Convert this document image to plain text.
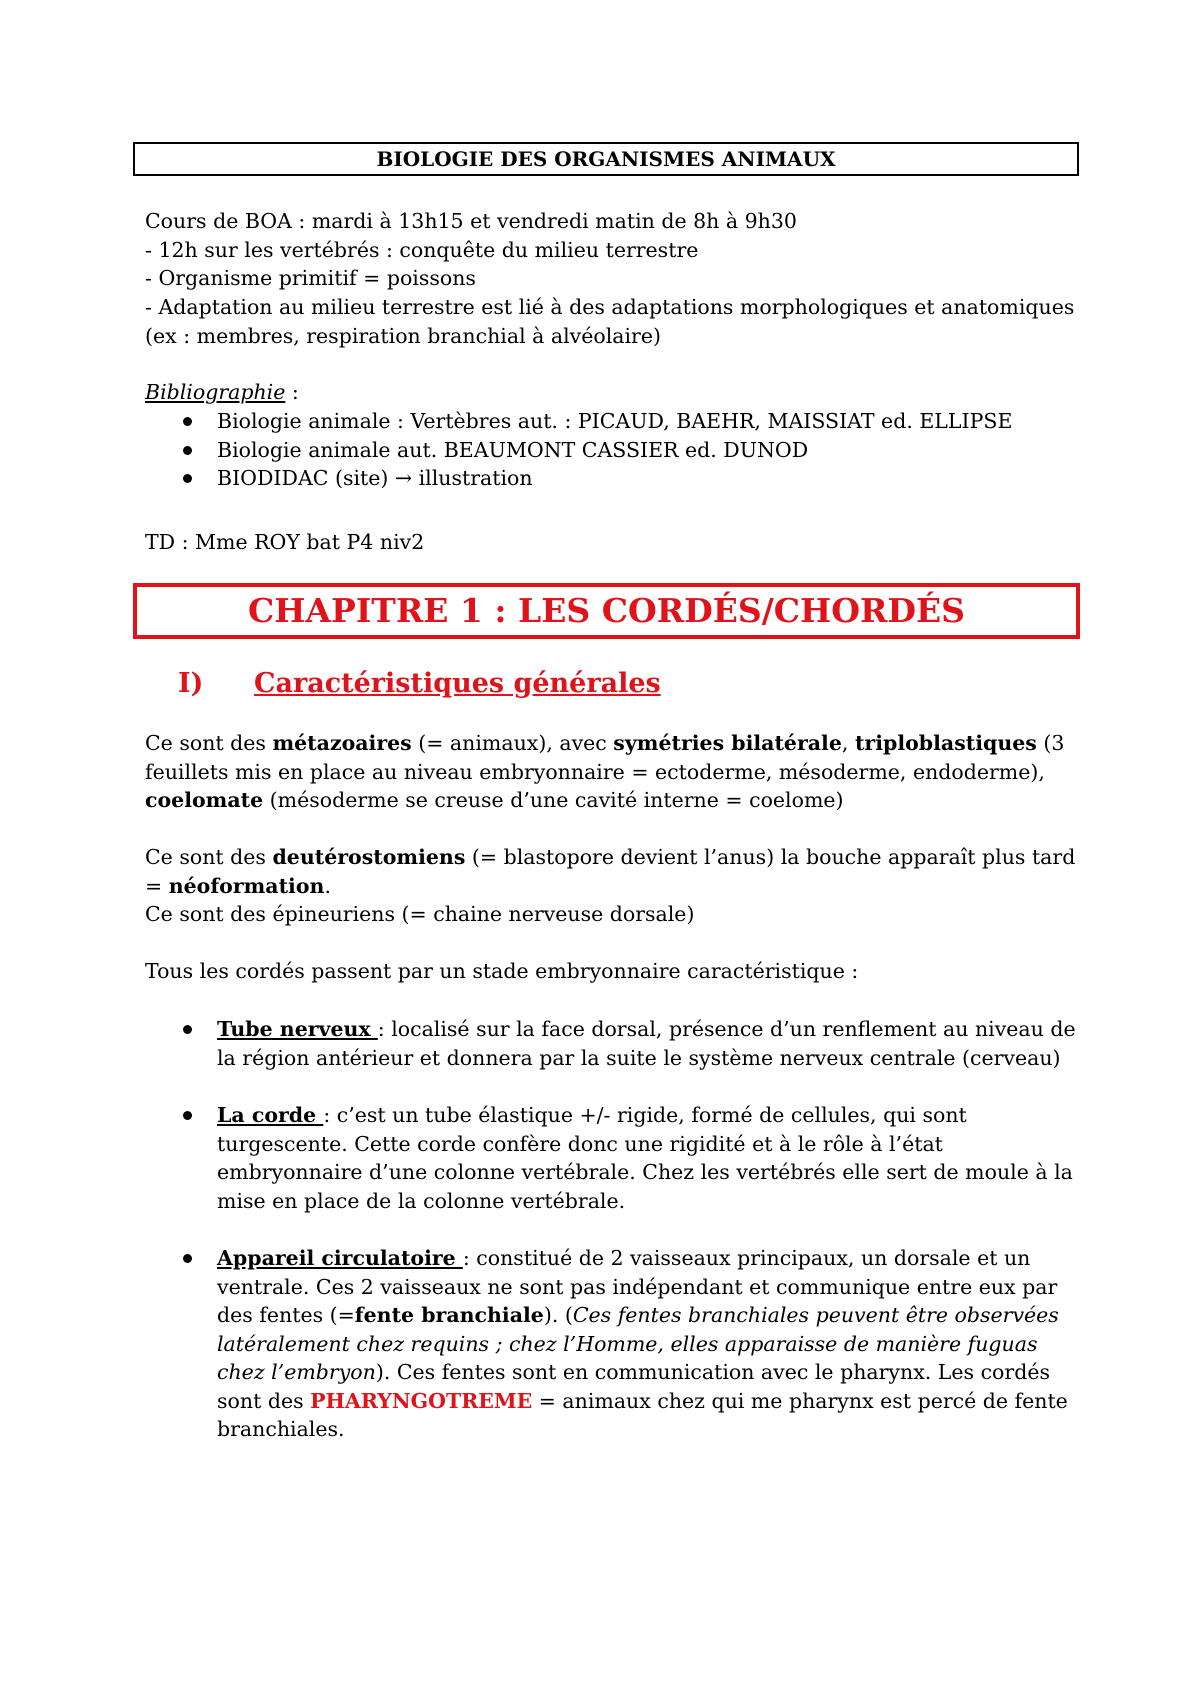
BIOLOGIE DES ORGANISMES ANIMAUX

Cours de BOA : mardi à 13h15 et vendredi matin de 8h à 9h30

- 12h sur les vertébrés : conquête du milieu terrestre

- Organisme primitif = poissons

- Adaptation au milieu terrestre est lié à des adaptations morphologiques et anatomiques (ex : membres, respiration branchial à alvéolaire)

Bibliographie :

Biologie animale : Vertèbres aut. : PICAUD, BAEHR, MAISSIAT ed. ELLIPSE
Biologie animale aut. BEAUMONT CASSIER ed. DUNOD
BIODIDAC (site) → illustration

TD : Mme ROY bat P4 niv2

CHAPITRE 1 : LES CORDÉS/CHORDÉS
I) Caractéristiques générales

Ce sont des métazoaires (= animaux), avec symétries bilatérale, triploblastiques (3 feuillets mis en place au niveau embryonnaire = ectoderme, mésoderme, endoderme), coelomate (mésoderme se creuse d’une cavité interne = coelome)

Ce sont des deutérostomiens (= blastopore devient l’anus) la bouche apparaît plus tard = néoformation.

Ce sont des épineuriens (= chaine nerveuse dorsale)

Tous les cordés passent par un stade embryonnaire caractéristique :

Tube nerveux : localisé sur la face dorsal, présence d’un renflement au niveau de la région antérieur et donnera par la suite le système nerveux centrale (cerveau)
La corde : c’est un tube élastique +/- rigide, formé de cellules, qui sont turgescente. Cette corde confère donc une rigidité et à le rôle à l’état embryonnaire d’une colonne vertébrale. Chez les vertébrés elle sert de moule à la mise en place de la colonne vertébrale.
Appareil circulatoire : constitué de 2 vaisseaux principaux, un dorsale et un ventrale. Ces 2 vaisseaux ne sont pas indépendant et communique entre eux par des fentes (=fente branchiale). (Ces fentes branchiales peuvent être observées latéralement chez requins ; chez l’Homme, elles apparaisse de manière fuguas chez l’embryon). Ces fentes sont en communication avec le pharynx. Les cordés sont des PHARYNGOTREME = animaux chez qui me pharynx est percé de fente branchiales.
